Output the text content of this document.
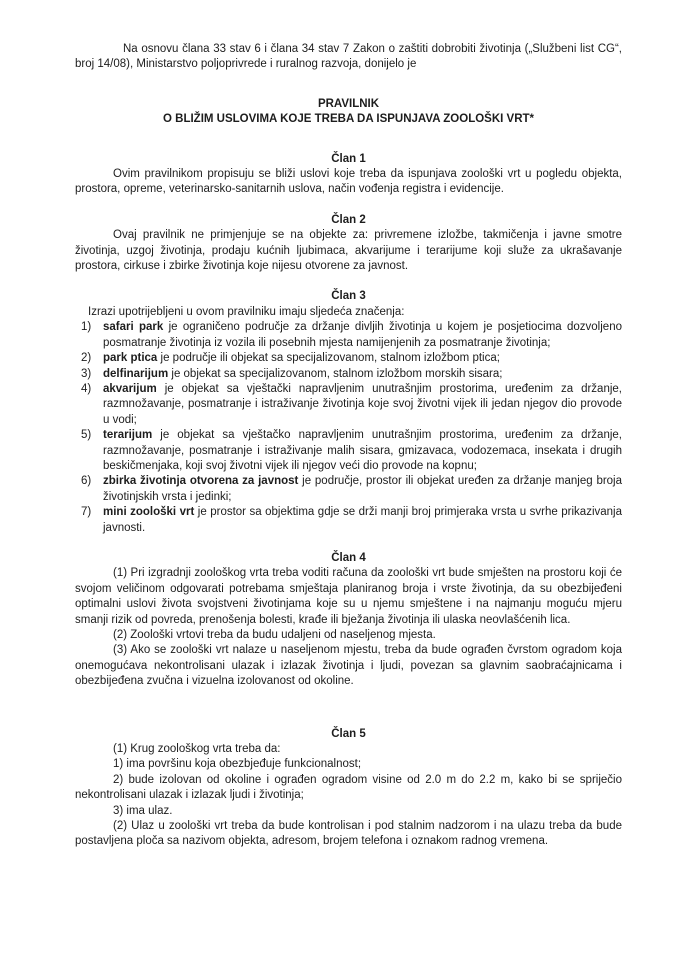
Na osnovu člana 33 stav 6 i člana 34 stav 7 Zakon o zaštiti dobrobiti životinja („Službeni list CG“, broj 14/08), Ministarstvo poljoprivrede i ruralnog razvoja, donijelo je

PRAVILNIK
O BLIŽIM USLOVIMA KOJE TREBA DA ISPUNJAVA ZOOLOŠKI VRT*
Član 1

Ovim pravilnikom propisuju se bliži uslovi koje treba da ispunjava zoološki vrt u pogledu objekta, prostora, opreme, veterinarsko-sanitarnih uslova, način vođenja registra i evidencije.

Član 2

Ovaj pravilnik ne primjenjuje se na objekte za: privremene izložbe, takmičenja i javne smotre životinja, uzgoj životinja, prodaju kućnih ljubimaca, akvarijume i terarijume koji služe za ukrašavanje prostora, cirkuse i zbirke životinja koje nijesu otvorene za javnost.

Član 3

Izrazi upotrijebljeni u ovom pravilniku imaju sljedeća značenja:

1) safari park je ograničeno područje za držanje divljih životinja u kojem je posjetiocima dozvoljeno posmatranje životinja iz vozila ili posebnih mjesta namijenjenih za posmatranje životinja;
2) park ptica je područje ili objekat sa specijalizovanom, stalnom izložbom ptica;
3) delfinarijum je objekat sa specijalizovanom, stalnom izložbom morskih sisara;
4) akvarijum je objekat sa vještački napravljenim unutrašnjim prostorima, uređenim za držanje, razmnožavanje, posmatranje i istraživanje životinja koje svoj životni vijek ili jedan njegov dio provode u vodi;
5) terarijum je objekat sa vještačko napravljenim unutrašnjim prostorima, uređenim za držanje, razmnožavanje, posmatranje i istraživanje malih sisara, gmizavaca, vodozemaca, insekata i drugih beskičmenjaka, koji svoj životni vijek ili njegov veći dio provode na kopnu;
6) zbirka životinja otvorena za javnost je područje, prostor ili objekat uređen za držanje manjeg broja životinjskih vrsta i jedinki;
7) mini zoološki vrt je prostor sa objektima gdje se drži manji broj primjeraka vrsta u svrhe prikazivanja javnosti.
Član 4

(1) Pri izgradnji zoološkog vrta treba voditi računa da zoološki vrt bude smješten na prostoru koji će svojom veličinom odgovarati potrebama smještaja planiranog broja i vrste životinja, da su obezbijeđeni optimalni uslovi života svojstveni životinjama koje su u njemu smještene i na najmanju moguću mjeru smanji rizik od povreda, prenošenja bolesti, krađe ili bježanja životinja ili ulaska neovlašćenih lica.

(2) Zoološki vrtovi treba da budu udaljeni od naseljenog mjesta.

(3) Ako se zoološki vrt nalaze u naseljenom mjestu, treba da bude ograđen čvrstom ogradom koja onemogućava nekontrolisani ulazak i izlazak životinja i ljudi, povezan sa glavnim saobraćajnicama i obezbijeđena zvučna i vizuelna izolovanost od okoline.

Član 5

(1) Krug zoološkog vrta treba da:

1) ima površinu koja obezbjeđuje funkcionalnost;

2) bude izolovan od okoline i ograđen ogradom visine od 2.0 m do 2.2 m, kako bi se spriječio nekontrolisani ulazak i izlazak ljudi i životinja;

3) ima ulaz.

(2) Ulaz u zoološki vrt treba da bude kontrolisan i pod stalnim nadzorom i na ulazu treba da bude postavljena ploča sa nazivom objekta, adresom, brojem telefona i oznakom radnog vremena.
